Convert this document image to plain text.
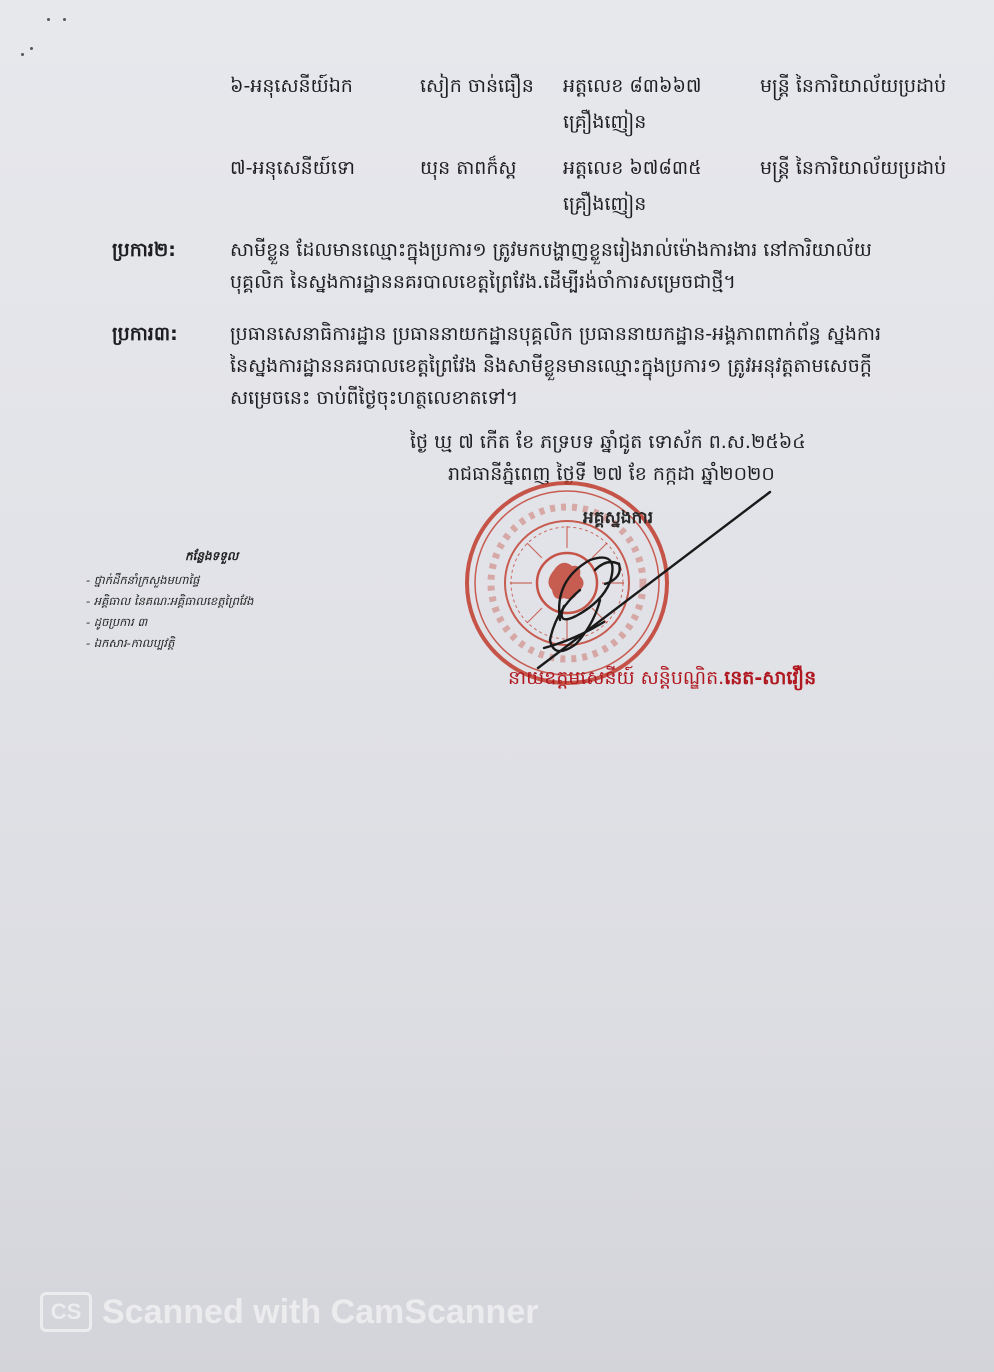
៦-អនុសេនីយ៍ឯក	សៀក ចាន់ធឿន អត្តលេខ ៨៣៦៦៧	មន្ត្រី នៃការិយាល័យប្រដាប់
គ្រឿងញៀន
៧-អនុសេនីយ៍ទោ	យុន តាពក៏ស្ត អត្តលេខ ៦៧៨៣៥	មន្ត្រី នៃការិយាល័យប្រដាប់
គ្រឿងញៀន
ប្រការ២:	សាមីខ្លួន ដែលមានឈ្មោះក្នុងប្រការ១ ត្រូវមកបង្ហាញខ្លួនរៀងរាល់ម៉ោងការងារ នៅការិយាល័យ
បុគ្គលិក នៃស្នងការដ្ឋាននគរបាលខេត្តព្រៃវែង.ដើម្បីរង់ចាំការសម្រេចជាថ្មី។
ប្រការ៣:	ប្រធានសេនាធិការដ្ឋាន ប្រធាននាយកដ្ឋានបុគ្គលិក ប្រធាននាយកដ្ឋាន-អង្គភាពពាក់ព័ន្ធ ស្នងការ
នៃស្នងការដ្ឋាននគរបាលខេត្តព្រៃវែង និងសាមីខ្លួនមានឈ្មោះក្នុងប្រការ១ ត្រូវអនុវត្តតាមសេចក្តី
សម្រេចនេះ ចាប់ពីថ្ងៃចុះហត្ថលេខាតទៅ។
ថ្ងៃ ឃ្ម ៧ កើត ខែ ភទ្របទ ឆ្នាំជូត ទោស័ក ព.ស.២៥៦៤
រាជធានីភ្នំពេញ ថ្ងៃទី ២៧ ខែ កក្កដា ឆ្នាំ២០២០
កន្លែងទទួល
- ថ្នាក់ដឹកនាំក្រសួងមហាផ្ទៃ
- អគ្គិធាល នៃគណៈអគ្គិធាលខេត្តព្រៃវែង
- ដូចប្រការ ៣
- ឯកសារ-កាលប្បវត្តិ
អគ្គស្នងការ
នាយឧត្តមសេនីយ៍ សន្តិបណ្ឌិត.នេត-សាវឿន
CS Scanned with CamScanner
